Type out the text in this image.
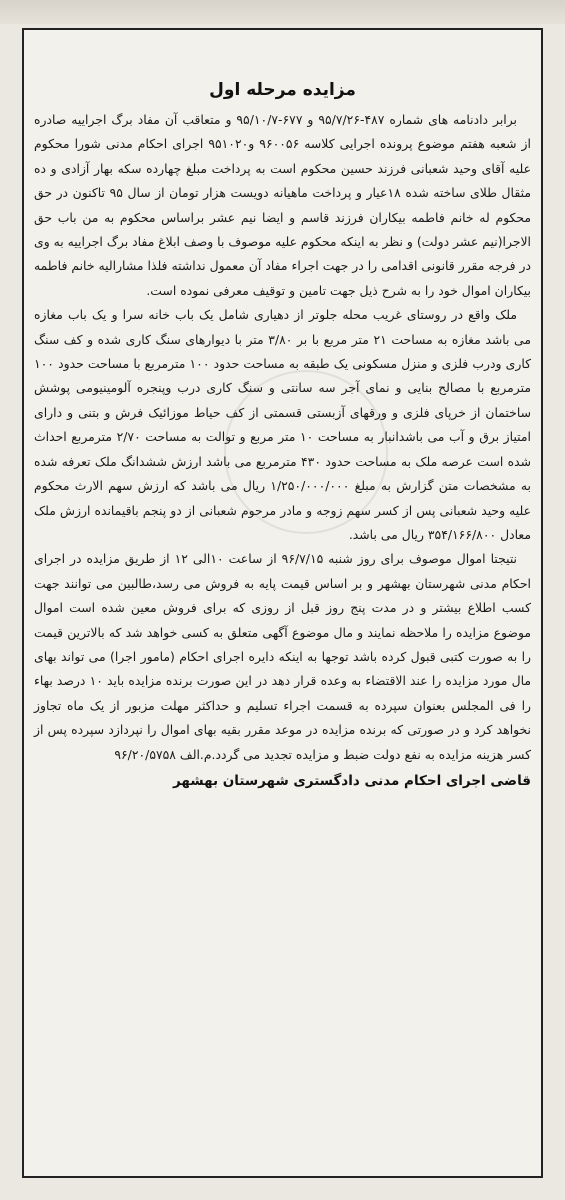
مزایده مرحله اول

برابر دادنامه های شماره ۴۸۷-۹۵/۷/۲۶ و ۶۷۷-۹۵/۱۰/۷ و متعاقب آن مفاد برگ اجراییه صادره از شعبه هفتم موضوع پرونده اجرایی کلاسه ۹۶۰۰۵۶ و۹۵۱۰۲۰ اجرای احکام مدنی شورا محکوم علیه آقای وحید شعبانی فرزند حسین محکوم است به پرداخت مبلغ چهارده سکه بهار آزادی و ده مثقال طلای ساخته شده ۱۸عیار و پرداخت ماهیانه دویست هزار تومان از سال ۹۵ تاکنون در حق محکوم له خانم فاطمه بیکاران فرزند قاسم و ایضا نیم عشر براساس محکوم به من باب حق الاجرا(نیم عشر دولت) و نظر به اینکه محکوم علیه موصوف با وصف ابلاغ مفاد برگ اجراییه به وی در فرجه مقرر قانونی اقدامی را در جهت اجراء مفاد آن معمول نداشته فلذا مشارالیه خانم فاطمه بیکاران اموال خود را به شرح ذیل جهت تامین و توقیف معرفی نموده است.

ملک واقع در روستای غریب محله جلوتر از دهیاری شامل یک باب خانه سرا و یک باب مغازه می باشد مغازه به مساحت ۲۱ متر مربع با بر ۳/۸۰ متر با دیوارهای سنگ کاری شده و کف سنگ کاری ودرب فلزی و منزل مسکونی یک طبقه به مساحت حدود ۱۰۰ مترمربع با مساحت حدود ۱۰۰ مترمربع با مصالح بنایی و نمای آجر سه سانتی و سنگ کاری درب وپنجره آلومینیومی پوشش ساختمان از خرپای فلزی و ورقهای آزبستی قسمتی از کف حیاط موزائیک فرش و بتنی و دارای امتیاز برق و آب می باشدانبار به مساحت ۱۰ متر مربع و توالت به مساحت ۲/۷۰ مترمربع احداث شده است عرصه ملک به مساحت حدود ۴۳۰ مترمربع می باشد ارزش ششدانگ ملک تعرفه شده به مشخصات متن گزارش به مبلغ ۱/۲۵۰/۰۰۰/۰۰۰ ریال می باشد که ارزش سهم الارث محکوم علیه وحید شعبانی پس از کسر سهم زوجه و مادر مرحوم شعبانی از دو پنجم باقیمانده ارزش ملک معادل ۳۵۴/۱۶۶/۸۰۰ ریال می باشد.

نتیجتا اموال موصوف برای روز شنبه ۹۶/۷/۱۵ از ساعت ۱۰الی ۱۲ از طریق مزایده در اجرای احکام مدنی شهرستان بهشهر و بر اساس قیمت پایه به فروش می رسد،طالبین می توانند جهت کسب اطلاع بیشتر و در مدت پنج روز قبل از روزی که برای فروش معین شده است اموال موضوع مزایده را ملاحظه نمایند و مال موضوع آگهی متعلق به کسی خواهد شد که بالاترین قیمت را به صورت کتبی قبول کرده باشد توجها به اینکه دایره اجرای احکام (مامور اجرا) می تواند بهای مال مورد مزایده را عند الاقتضاء به وعده قرار دهد در این صورت برنده مزایده باید ۱۰ درصد بهاء را فی المجلس بعنوان سپرده به قسمت اجراء تسلیم و حداکثر مهلت مزبور از یک ماه تجاوز نخواهد کرد و در صورتی که برنده مزایده در موعد مقرر بقیه بهای اموال را نپردازد سپرده پس از کسر هزینه مزایده به نفع دولت ضبط و مزایده تجدید می گردد.م.الف ۹۶/۲۰/۵۷۵۸

قاضی اجرای احکام مدنی دادگستری شهرستان بهشهر
